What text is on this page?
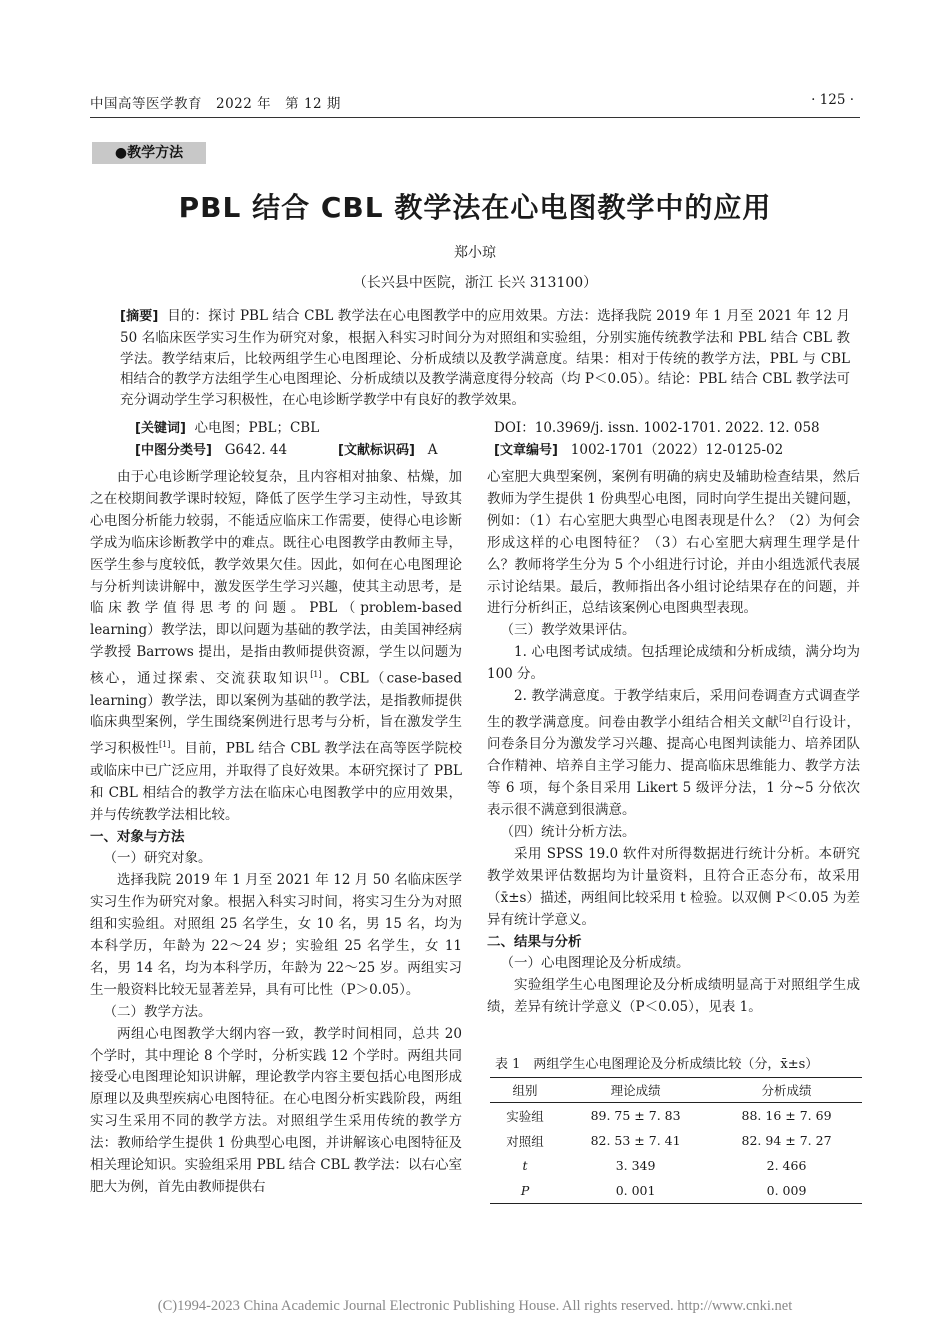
中国高等医学教育　2022 年　第 12 期	· 125 ·
●教学方法
PBL 结合 CBL 教学法在心电图教学中的应用
郑小琼
（长兴县中医院，浙江 长兴 313100）
[摘要] 目的：探讨 PBL 结合 CBL 教学法在心电图教学中的应用效果。方法：选择我院 2019 年 1 月至 2021 年 12 月 50 名临床医学实习生作为研究对象，根据入科实习时间分为对照组和实验组，分别实施传统教学法和 PBL 结合 CBL 教学法。教学结束后，比较两组学生心电图理论、分析成绩以及教学满意度。结果：相对于传统的教学方法，PBL 与 CBL 相结合的教学方法组学生心电图理论、分析成绩以及教学满意度得分较高（均 P＜0.05）。结论：PBL 结合 CBL 教学法可充分调动学生学习积极性，在心电诊断学教学中有良好的教学效果。
[关键词] 心电图；PBL；CBL	DOI：10.3969/j. issn. 1002-1701. 2022. 12. 058
[中图分类号] G642. 44	[文献标识码] A	[文章编号] 1002-1701（2022）12-0125-02

由于心电诊断学理论较复杂，且内容相对抽象、枯燥，加之在校期间教学课时较短，降低了医学生学习主动性，导致其心电图分析能力较弱，不能适应临床工作需要，使得心电诊断学成为临床诊断教学中的难点。既往心电图教学由教师主导，医学生参与度较低，教学效果欠佳。因此，如何在心电图理论与分析判读讲解中，激发医学生学习兴趣，使其主动思考，是临床教学值得思考的问题。PBL（problem-based learning）教学法，即以问题为基础的教学法，由美国神经病学教授 Barrows 提出，是指由教师提供资源，学生以问题为核心，通过探索、交流获取知识[1]。CBL（case-based learning）教学法，即以案例为基础的教学法，是指教师提供临床典型案例，学生围绕案例进行思考与分析，旨在激发学生学习积极性[1]。目前，PBL 结合 CBL 教学法在高等医学院校或临床中已广泛应用，并取得了良好效果。本研究探讨了 PBL 和 CBL 相结合的教学方法在临床心电图教学中的应用效果，并与传统教学法相比较。

一、对象与方法

（一）研究对象。

选择我院 2019 年 1 月至 2021 年 12 月 50 名临床医学实习生作为研究对象。根据入科实习时间，将实习生分为对照组和实验组。对照组 25 名学生，女 10 名，男 15 名，均为本科学历，年龄为 22～24 岁；实验组 25 名学生，女 11 名，男 14 名，均为本科学历，年龄为 22～25 岁。两组实习生一般资料比较无显著差异，具有可比性（P＞0.05）。

（二）教学方法。

两组心电图教学大纲内容一致，教学时间相同，总共 20 个学时，其中理论 8 个学时，分析实践 12 个学时。两组共同接受心电图理论知识讲解，理论教学内容主要包括心电图形成原理以及典型疾病心电图特征。在心电图分析实践阶段，两组实习生采用不同的教学方法。对照组学生采用传统的教学方法：教师给学生提供 1 份典型心电图，并讲解该心电图特征及相关理论知识。实验组采用 PBL 结合 CBL 教学法：以右心室肥大为例，首先由教师提供右

心室肥大典型案例，案例有明确的病史及辅助检查结果，然后教师为学生提供 1 份典型心电图，同时向学生提出关键问题，例如：（1）右心室肥大典型心电图表现是什么？（2）为何会形成这样的心电图特征？（3）右心室肥大病理生理学是什么？教师将学生分为 5 个小组进行讨论，并由小组选派代表展示讨论结果。最后，教师指出各小组讨论结果存在的问题，并进行分析纠正，总结该案例心电图典型表现。

（三）教学效果评估。

1. 心电图考试成绩。包括理论成绩和分析成绩，满分均为 100 分。

2. 教学满意度。于教学结束后，采用问卷调查方式调查学生的教学满意度。问卷由教学小组结合相关文献[2]自行设计，问卷条目分为激发学习兴趣、提高心电图判读能力、培养团队合作精神、培养自主学习能力、提高临床思维能力、教学方法等 6 项，每个条目采用 Likert 5 级评分法，1 分~5 分依次表示很不满意到很满意。

（四）统计分析方法。

采用 SPSS 19.0 软件对所得数据进行统计分析。本研究教学效果评估数据均为计量资料，且符合正态分布，故采用（x̄±s）描述，两组间比较采用 t 检验。以双侧 P＜0.05 为差异有统计学意义。

二、结果与分析

（一）心电图理论及分析成绩。

实验组学生心电图理论及分析成绩明显高于对照组学生成绩，差异有统计学意义（P＜0.05），见表 1。

表 1　两组学生心电图理论及分析成绩比较（分，x̄±s）
组别	理论成绩	分析成绩
实验组	89. 75 ± 7. 83	88. 16 ± 7. 69
对照组	82. 53 ± 7. 41	82. 94 ± 7. 27
t	3. 349	2. 466
P	0. 001	0. 009
(C)1994-2023 China Academic Journal Electronic Publishing House. All rights reserved. http://www.cnki.net
